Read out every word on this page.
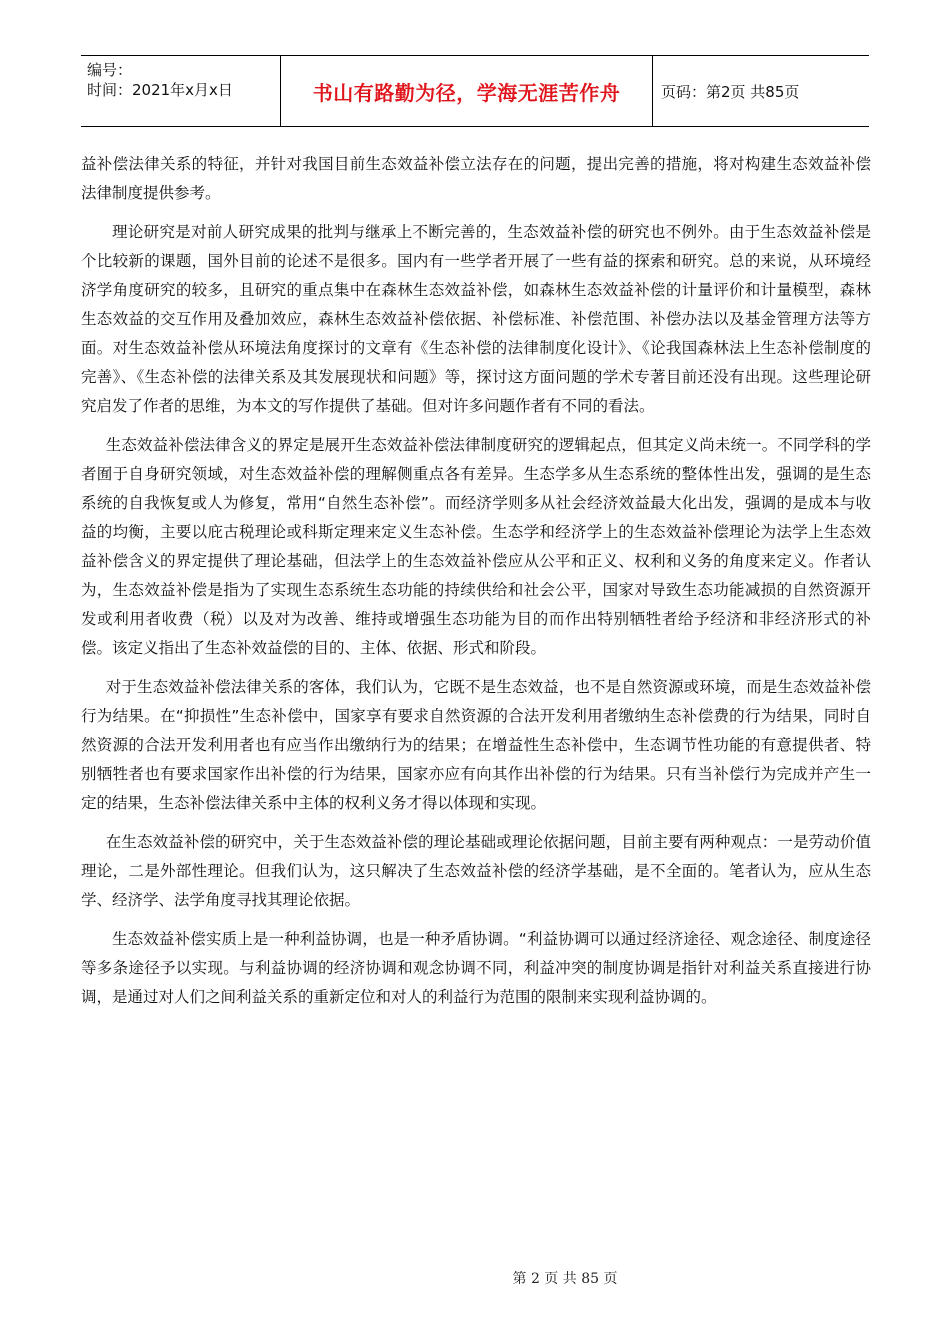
编号：
时间：2021年x月x日	书山有路勤为径，学海无涯苦作舟	页码：第2页 共85页

益补偿法律关系的特征，并针对我国目前生态效益补偿立法存在的问题，提出完善的措施，将对构建生态效益补偿法律制度提供参考。

理论研究是对前人研究成果的批判与继承上不断完善的，生态效益补偿的研究也不例外。由于生态效益补偿是个比较新的课题，国外目前的论述不是很多。国内有一些学者开展了一些有益的探索和研究。总的来说，从环境经济学角度研究的较多，且研究的重点集中在森林生态效益补偿，如森林生态效益补偿的计量评价和计量模型，森林生态效益的交互作用及叠加效应，森林生态效益补偿依据、补偿标准、补偿范围、补偿办法以及基金管理方法等方面。对生态效益补偿从环境法角度探讨的文章有《生态补偿的法律制度化设计》、《论我国森林法上生态补偿制度的完善》、《生态补偿的法律关系及其发展现状和问题》等，探讨这方面问题的学术专著目前还没有出现。这些理论研究启发了作者的思维，为本文的写作提供了基础。但对许多问题作者有不同的看法。

生态效益补偿法律含义的界定是展开生态效益补偿法律制度研究的逻辑起点，但其定义尚未统一。不同学科的学者囿于自身研究领域，对生态效益补偿的理解侧重点各有差异。生态学多从生态系统的整体性出发，强调的是生态系统的自我恢复或人为修复，常用“自然生态补偿”。而经济学则多从社会经济效益最大化出发，强调的是成本与收益的均衡，主要以庇古税理论或科斯定理来定义生态补偿。生态学和经济学上的生态效益补偿理论为法学上生态效益补偿含义的界定提供了理论基础，但法学上的生态效益补偿应从公平和正义、权利和义务的角度来定义。作者认为，生态效益补偿是指为了实现生态系统生态功能的持续供给和社会公平，国家对导致生态功能减损的自然资源开发或利用者收费（税）以及对为改善、维持或增强生态功能为目的而作出特别牺牲者给予经济和非经济形式的补偿。该定义指出了生态补效益偿的目的、主体、依据、形式和阶段。

对于生态效益补偿法律关系的客体，我们认为，它既不是生态效益，也不是自然资源或环境，而是生态效益补偿行为结果。在“抑损性”生态补偿中，国家享有要求自然资源的合法开发利用者缴纳生态补偿费的行为结果，同时自然资源的合法开发利用者也有应当作出缴纳行为的结果；在增益性生态补偿中，生态调节性功能的有意提供者、特别牺牲者也有要求国家作出补偿的行为结果，国家亦应有向其作出补偿的行为结果。只有当补偿行为完成并产生一定的结果，生态补偿法律关系中主体的权利义务才得以体现和实现。

在生态效益补偿的研究中，关于生态效益补偿的理论基础或理论依据问题，目前主要有两种观点：一是劳动价值理论，二是外部性理论。但我们认为，这只解决了生态效益补偿的经济学基础，是不全面的。笔者认为，应从生态学、经济学、法学角度寻找其理论依据。

生态效益补偿实质上是一种利益协调，也是一种矛盾协调。“利益协调可以通过经济途径、观念途径、制度途径等多条途径予以实现。与利益协调的经济协调和观念协调不同，利益冲突的制度协调是指针对利益关系直接进行协调，是通过对人们之间利益关系的重新定位和对人的利益行为范围的限制来实现利益协调的。

第 2 页 共 85 页
